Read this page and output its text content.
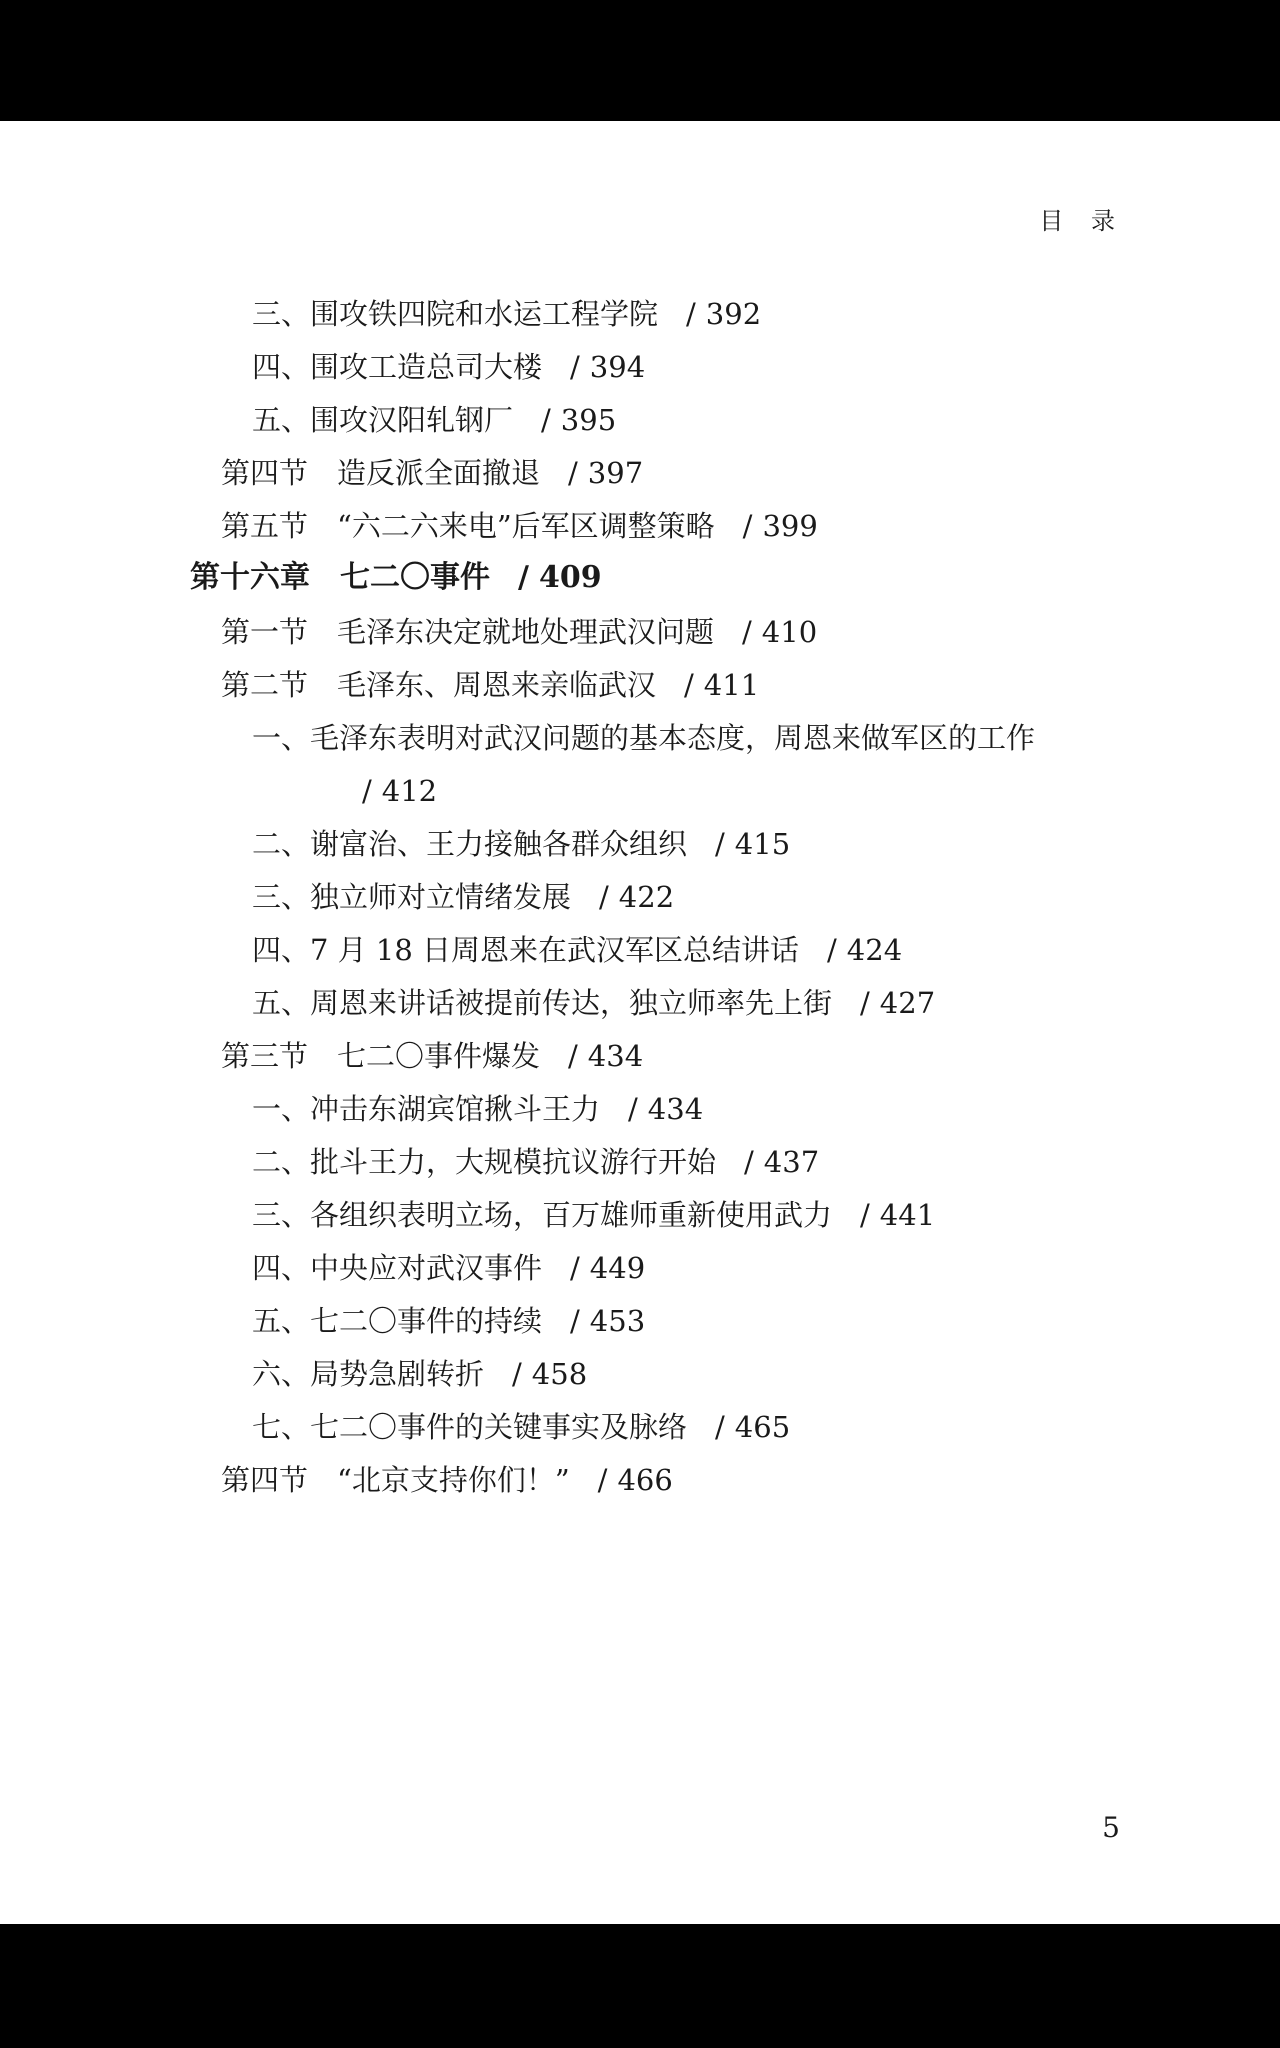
目 录
三、围攻铁四院和水运工程学院 / 392
四、围攻工造总司大楼 / 394
五、围攻汉阳轧钢厂 / 395
第四节　造反派全面撤退 / 397
第五节　“六二六来电”后军区调整策略 / 399
第十六章　七二〇事件 / 409
第一节　毛泽东决定就地处理武汉问题 / 410
第二节　毛泽东、周恩来亲临武汉 / 411
一、毛泽东表明对武汉问题的基本态度，周恩来做军区的工作
/ 412
二、谢富治、王力接触各群众组织 / 415
三、独立师对立情绪发展 / 422
四、7 月 18 日周恩来在武汉军区总结讲话 / 424
五、周恩来讲话被提前传达，独立师率先上街 / 427
第三节　七二〇事件爆发 / 434
一、冲击东湖宾馆揪斗王力 / 434
二、批斗王力，大规模抗议游行开始 / 437
三、各组织表明立场，百万雄师重新使用武力 / 441
四、中央应对武汉事件 / 449
五、七二〇事件的持续 / 453
六、局势急剧转折 / 458
七、七二〇事件的关键事实及脉络 / 465
第四节　“北京支持你们！” / 466
5
